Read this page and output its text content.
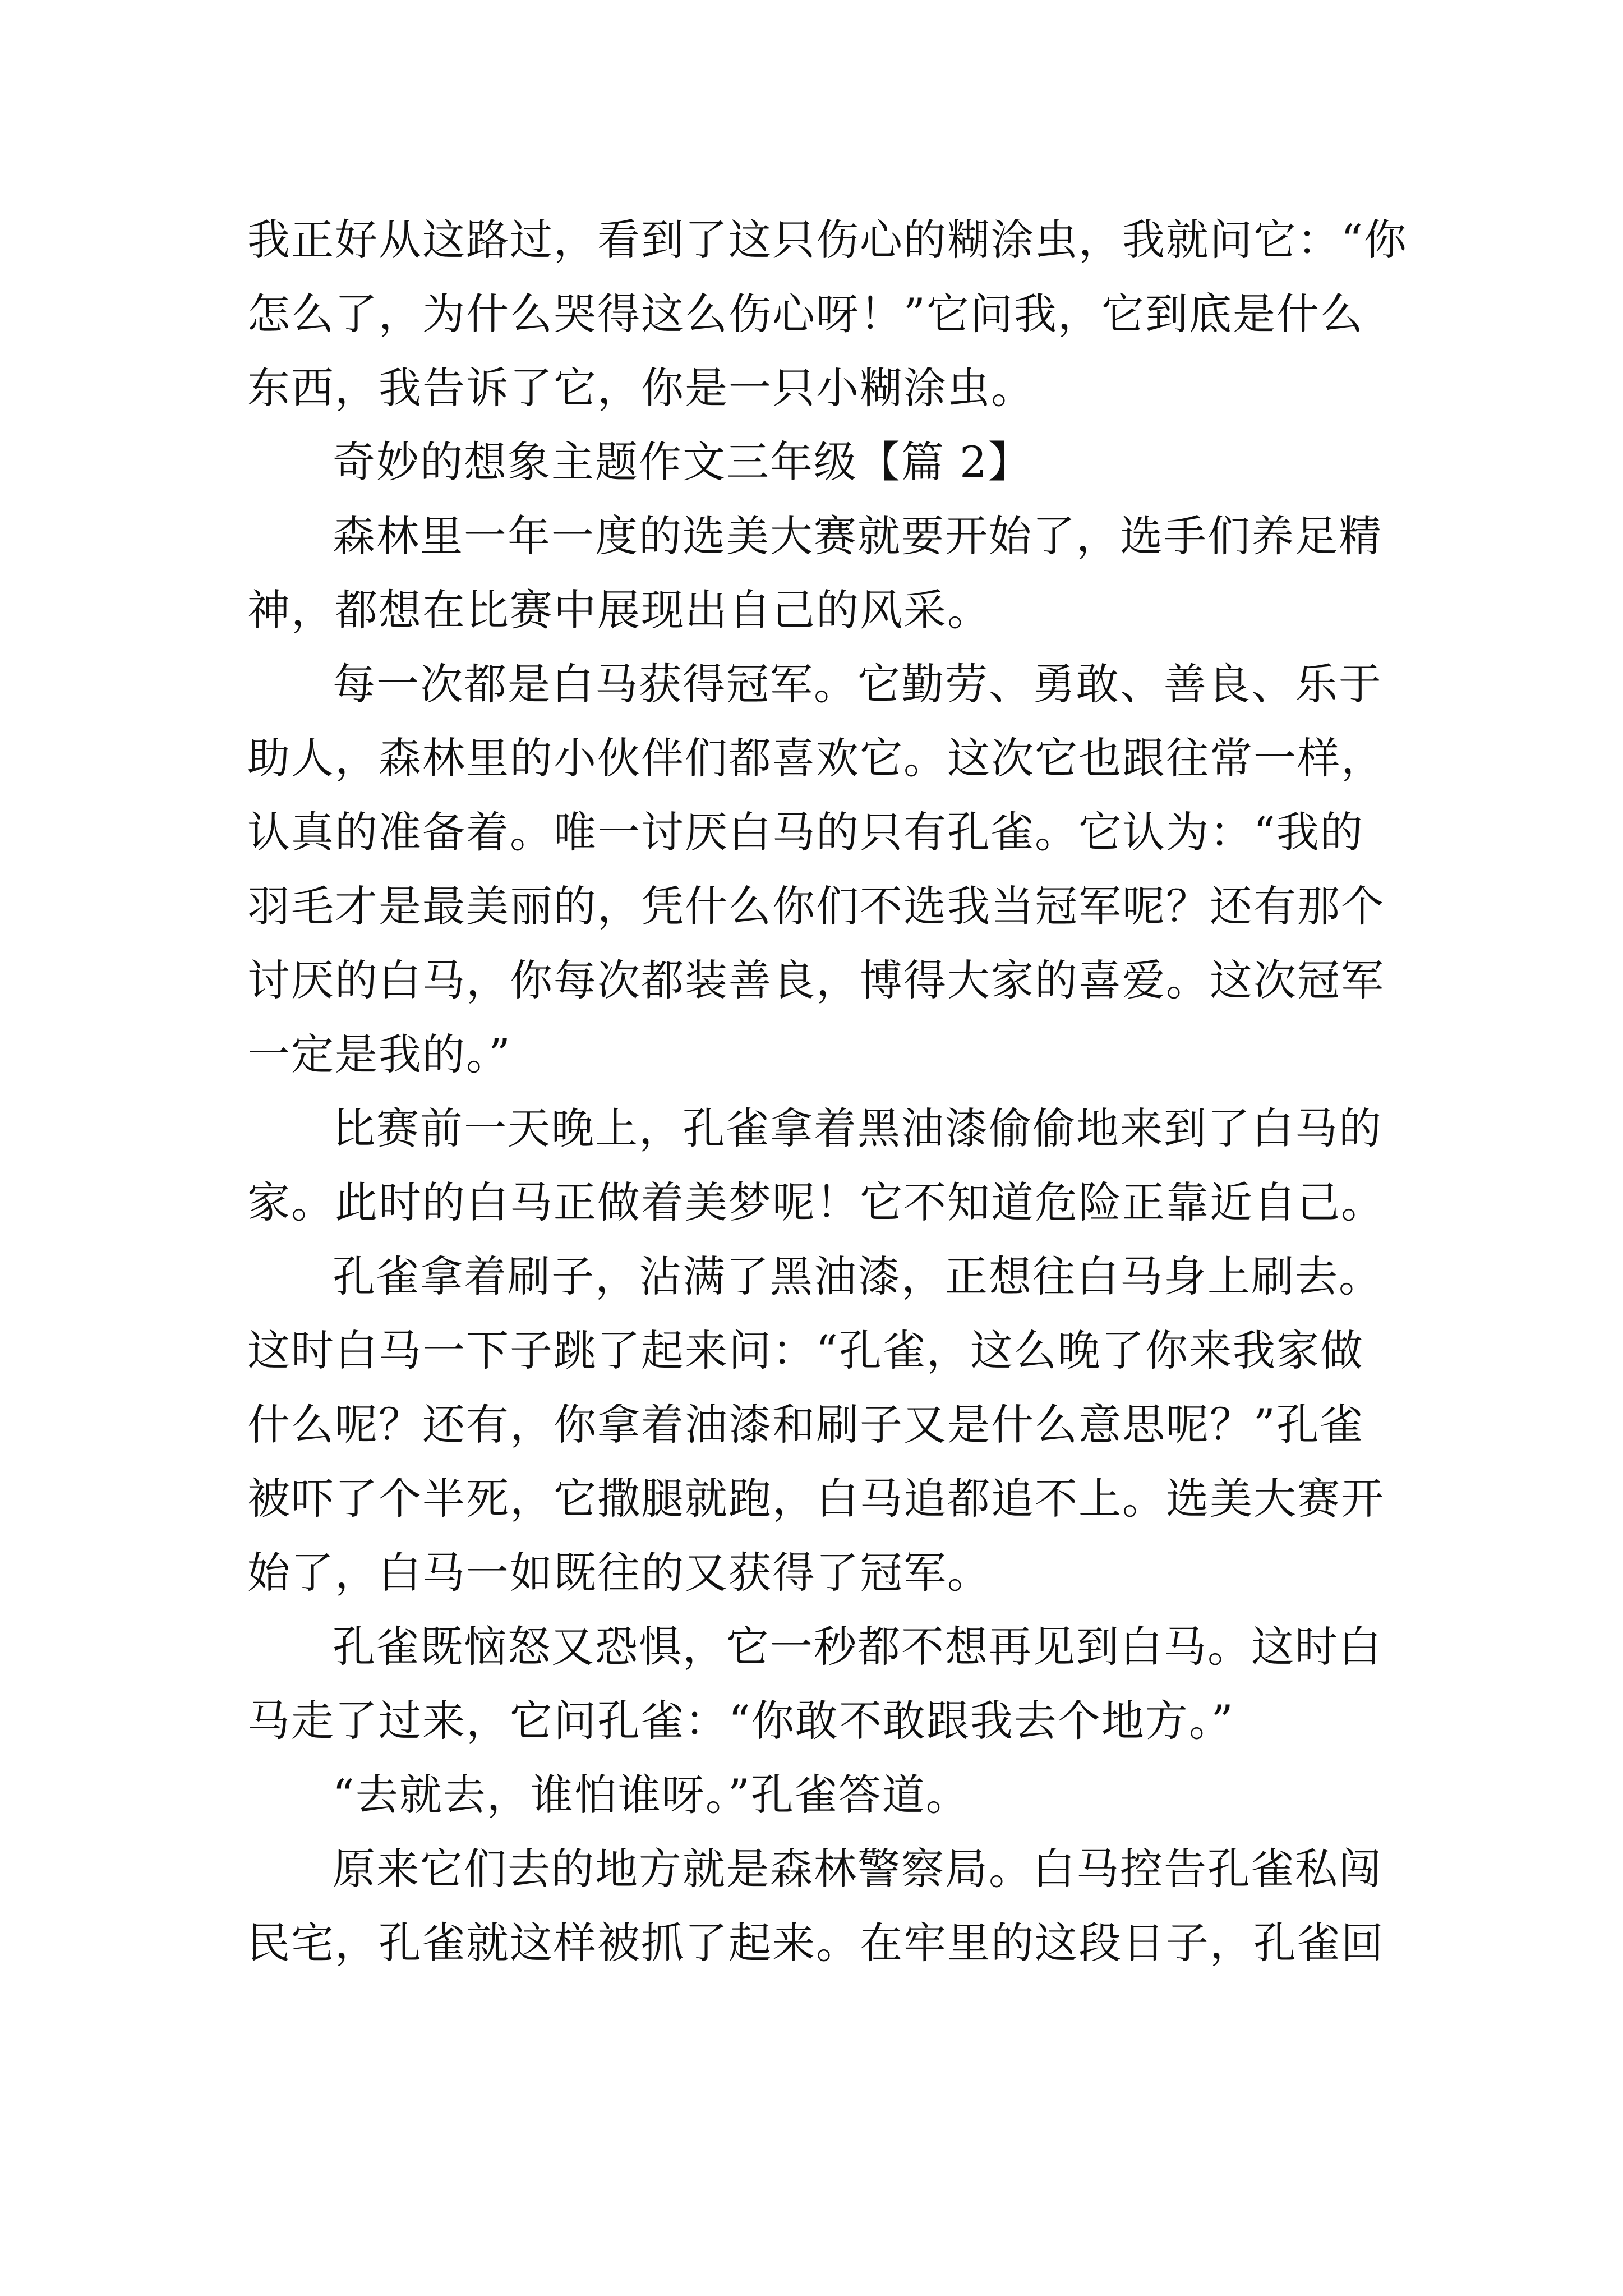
我正好从这路过，看到了这只伤心的糊涂虫，我就问它：“你
怎么了，为什么哭得这么伤心呀！”它问我，它到底是什么
东西，我告诉了它，你是一只小糊涂虫。
奇妙的想象主题作文三年级【篇 2】
森林里一年一度的选美大赛就要开始了，选手们养足精
神，都想在比赛中展现出自己的风采。
每一次都是白马获得冠军。它勤劳、勇敢、善良、乐于
助人，森林里的小伙伴们都喜欢它。这次它也跟往常一样，
认真的准备着。唯一讨厌白马的只有孔雀。它认为：“我的
羽毛才是最美丽的，凭什么你们不选我当冠军呢？还有那个
讨厌的白马，你每次都装善良，博得大家的喜爱。这次冠军
一定是我的。”
比赛前一天晚上，孔雀拿着黑油漆偷偷地来到了白马的
家。此时的白马正做着美梦呢！它不知道危险正靠近自己。
孔雀拿着刷子，沾满了黑油漆，正想往白马身上刷去。
这时白马一下子跳了起来问：“孔雀，这么晚了你来我家做
什么呢？还有，你拿着油漆和刷子又是什么意思呢？”孔雀
被吓了个半死，它撒腿就跑，白马追都追不上。选美大赛开
始了，白马一如既往的又获得了冠军。
孔雀既恼怒又恐惧，它一秒都不想再见到白马。这时白
马走了过来，它问孔雀：“你敢不敢跟我去个地方。”
“去就去，谁怕谁呀。”孔雀答道。
原来它们去的地方就是森林警察局。白马控告孔雀私闯
民宅，孔雀就这样被抓了起来。在牢里的这段日子，孔雀回
